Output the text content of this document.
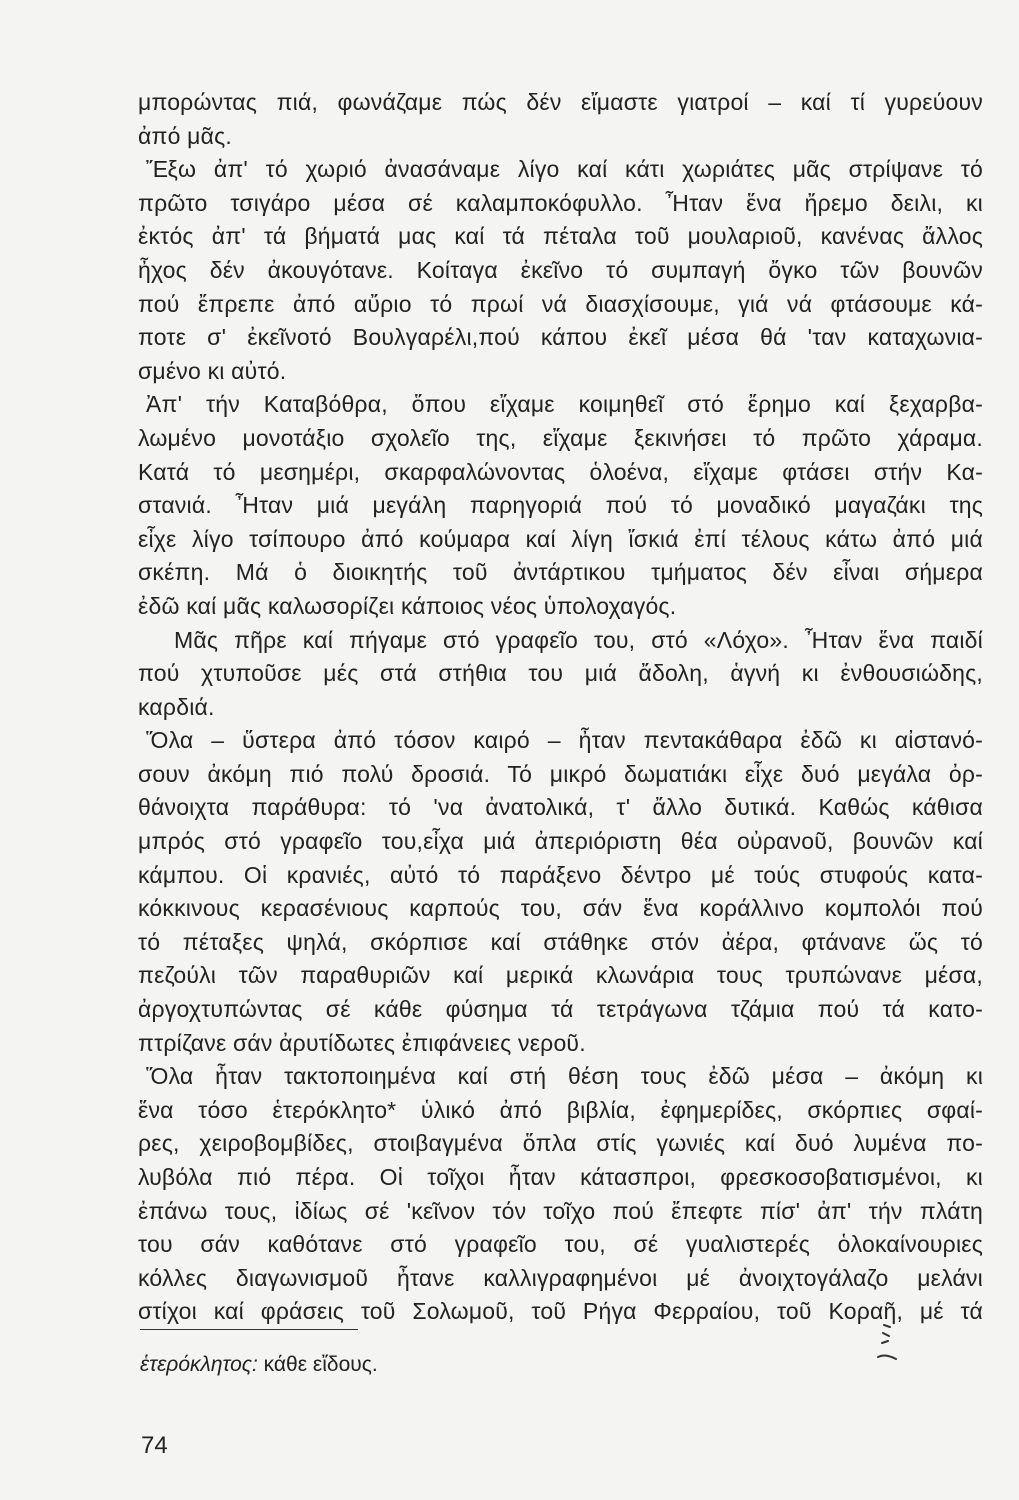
μπορώντας πιά, φωνάζαμε πώς δέν εἴμαστε γιατροί – καί τί γυρεύουν
ἀπό μᾶς.
Ἔξω ἀπ' τό χωριό ἀνασάναμε λίγο καί κάτι χωριάτες μᾶς στρίψανε τό
πρῶτο τσιγάρο μέσα σέ καλαμποκόφυλλο. Ἦταν ἕνα ἤρεμο δειλι, κι
ἐκτός ἀπ' τά βήματά μας καί τά πέταλα τοῦ μουλαριοῦ, κανένας ἄλλος
ἦχος δέν ἀκουγότανε. Κοίταγα ἐκεῖνο τό συμπαγή ὄγκο τῶν βουνῶν
πού ἔπρεπε ἀπό αὔριο τό πρωί νά διασχίσουμε, γιά νά φτάσουμε κά-
ποτε σ' ἐκεῖνοτό Βουλγαρέλι,πού κάπου ἐκεῖ μέσα θά 'ταν καταχωνια-
σμένο κι αὐτό.
Ἀπ' τήν Καταβόθρα, ὅπου εἴχαμε κοιμηθεῖ στό ἔρημο καί ξεχαρβα-
λωμένο μονοτάξιο σχολεῖο της, εἴχαμε ξεκινήσει τό πρῶτο χάραμα.
Κατά τό μεσημέρι, σκαρφαλώνοντας ὁλοένα, εἴχαμε φτάσει στήν Κα-
στανιά. Ἦταν μιά μεγάλη παρηγοριά πού τό μοναδικό μαγαζάκι της
εἶχε λίγο τσίπουρο ἀπό κούμαρα καί λίγη ἴσκιά ἐπί τέλους κάτω ἀπό μιά
σκέπη. Μά ὁ διοικητής τοῦ ἀντάρτικου τμήματος δέν εἶναι σήμερα
ἐδῶ καί μᾶς καλωσορίζει κάποιος νέος ὑπολοχαγός.
Μᾶς πῆρε καί πήγαμε στό γραφεῖο του, στό «Λόχο». Ἦταν ἕνα παιδί
πού χτυποῦσε μές στά στήθια του μιά ἄδολη, ἁγνή κι ἐνθουσιώδης,
καρδιά.
Ὅλα – ὕστερα ἀπό τόσον καιρό – ἦταν πεντακάθαρα ἐδῶ κι αἰστανό-
σουν ἀκόμη πιό πολύ δροσιά. Τό μικρό δωματιάκι εἶχε δυό μεγάλα ὀρ-
θάνοιχτα παράθυρα: τό 'να ἀνατολικά, τ' ἄλλο δυτικά. Καθώς κάθισα
μπρός στό γραφεῖο του,εἶχα μιά ἀπεριόριστη θέα οὐρανοῦ, βουνῶν καί
κάμπου. Οἱ κρανιές, αὐτό τό παράξενο δέντρο μέ τούς στυφούς κατα-
κόκκινους κερασένιους καρπούς του, σάν ἕνα κοράλλινο κομπολόι πού
τό πέταξες ψηλά, σκόρπισε καί στάθηκε στόν ἀέρα, φτάνανε ὥς τό
πεζούλι τῶν παραθυριῶν καί μερικά κλωνάρια τους τρυπώνανε μέσα,
ἀργοχτυπώντας σέ κάθε φύσημα τά τετράγωνα τζάμια πού τά κατο-
πτρίζανε σάν ἀρυτίδωτες ἐπιφάνειες νεροῦ.
Ὅλα ἦταν τακτοποιημένα καί στή θέση τους ἐδῶ μέσα – ἀκόμη κι
ἕνα τόσο ἑτερόκλητο* ὑλικό ἀπό βιβλία, ἐφημερίδες, σκόρπιες σφαί-
ρες, χειροβομβίδες, στοιβαγμένα ὅπλα στίς γωνιές καί δυό λυμένα πο-
λυβόλα πιό πέρα. Οἱ τοῖχοι ἦταν κάτασπροι, φρεσκοσοβατισμένοι, κι
ἐπάνω τους, ἰδίως σέ 'κεῖνον τόν τοῖχο πού ἔπεφτε πίσ' ἀπ' τήν πλάτη
του σάν καθότανε στό γραφεῖο του, σέ γυαλιστερές ὁλοκαίνουριες
κόλλες διαγωνισμοῦ ἦτανε καλλιγραφημένοι μέ ἀνοιχτογάλαζο μελάνι
στίχοι καί φράσεις τοῦ Σολωμοῦ, τοῦ Ρήγα Φερραίου, τοῦ Κοραῆ, μέ τά
ἑτερόκλητος: κάθε εἴδους.
74
